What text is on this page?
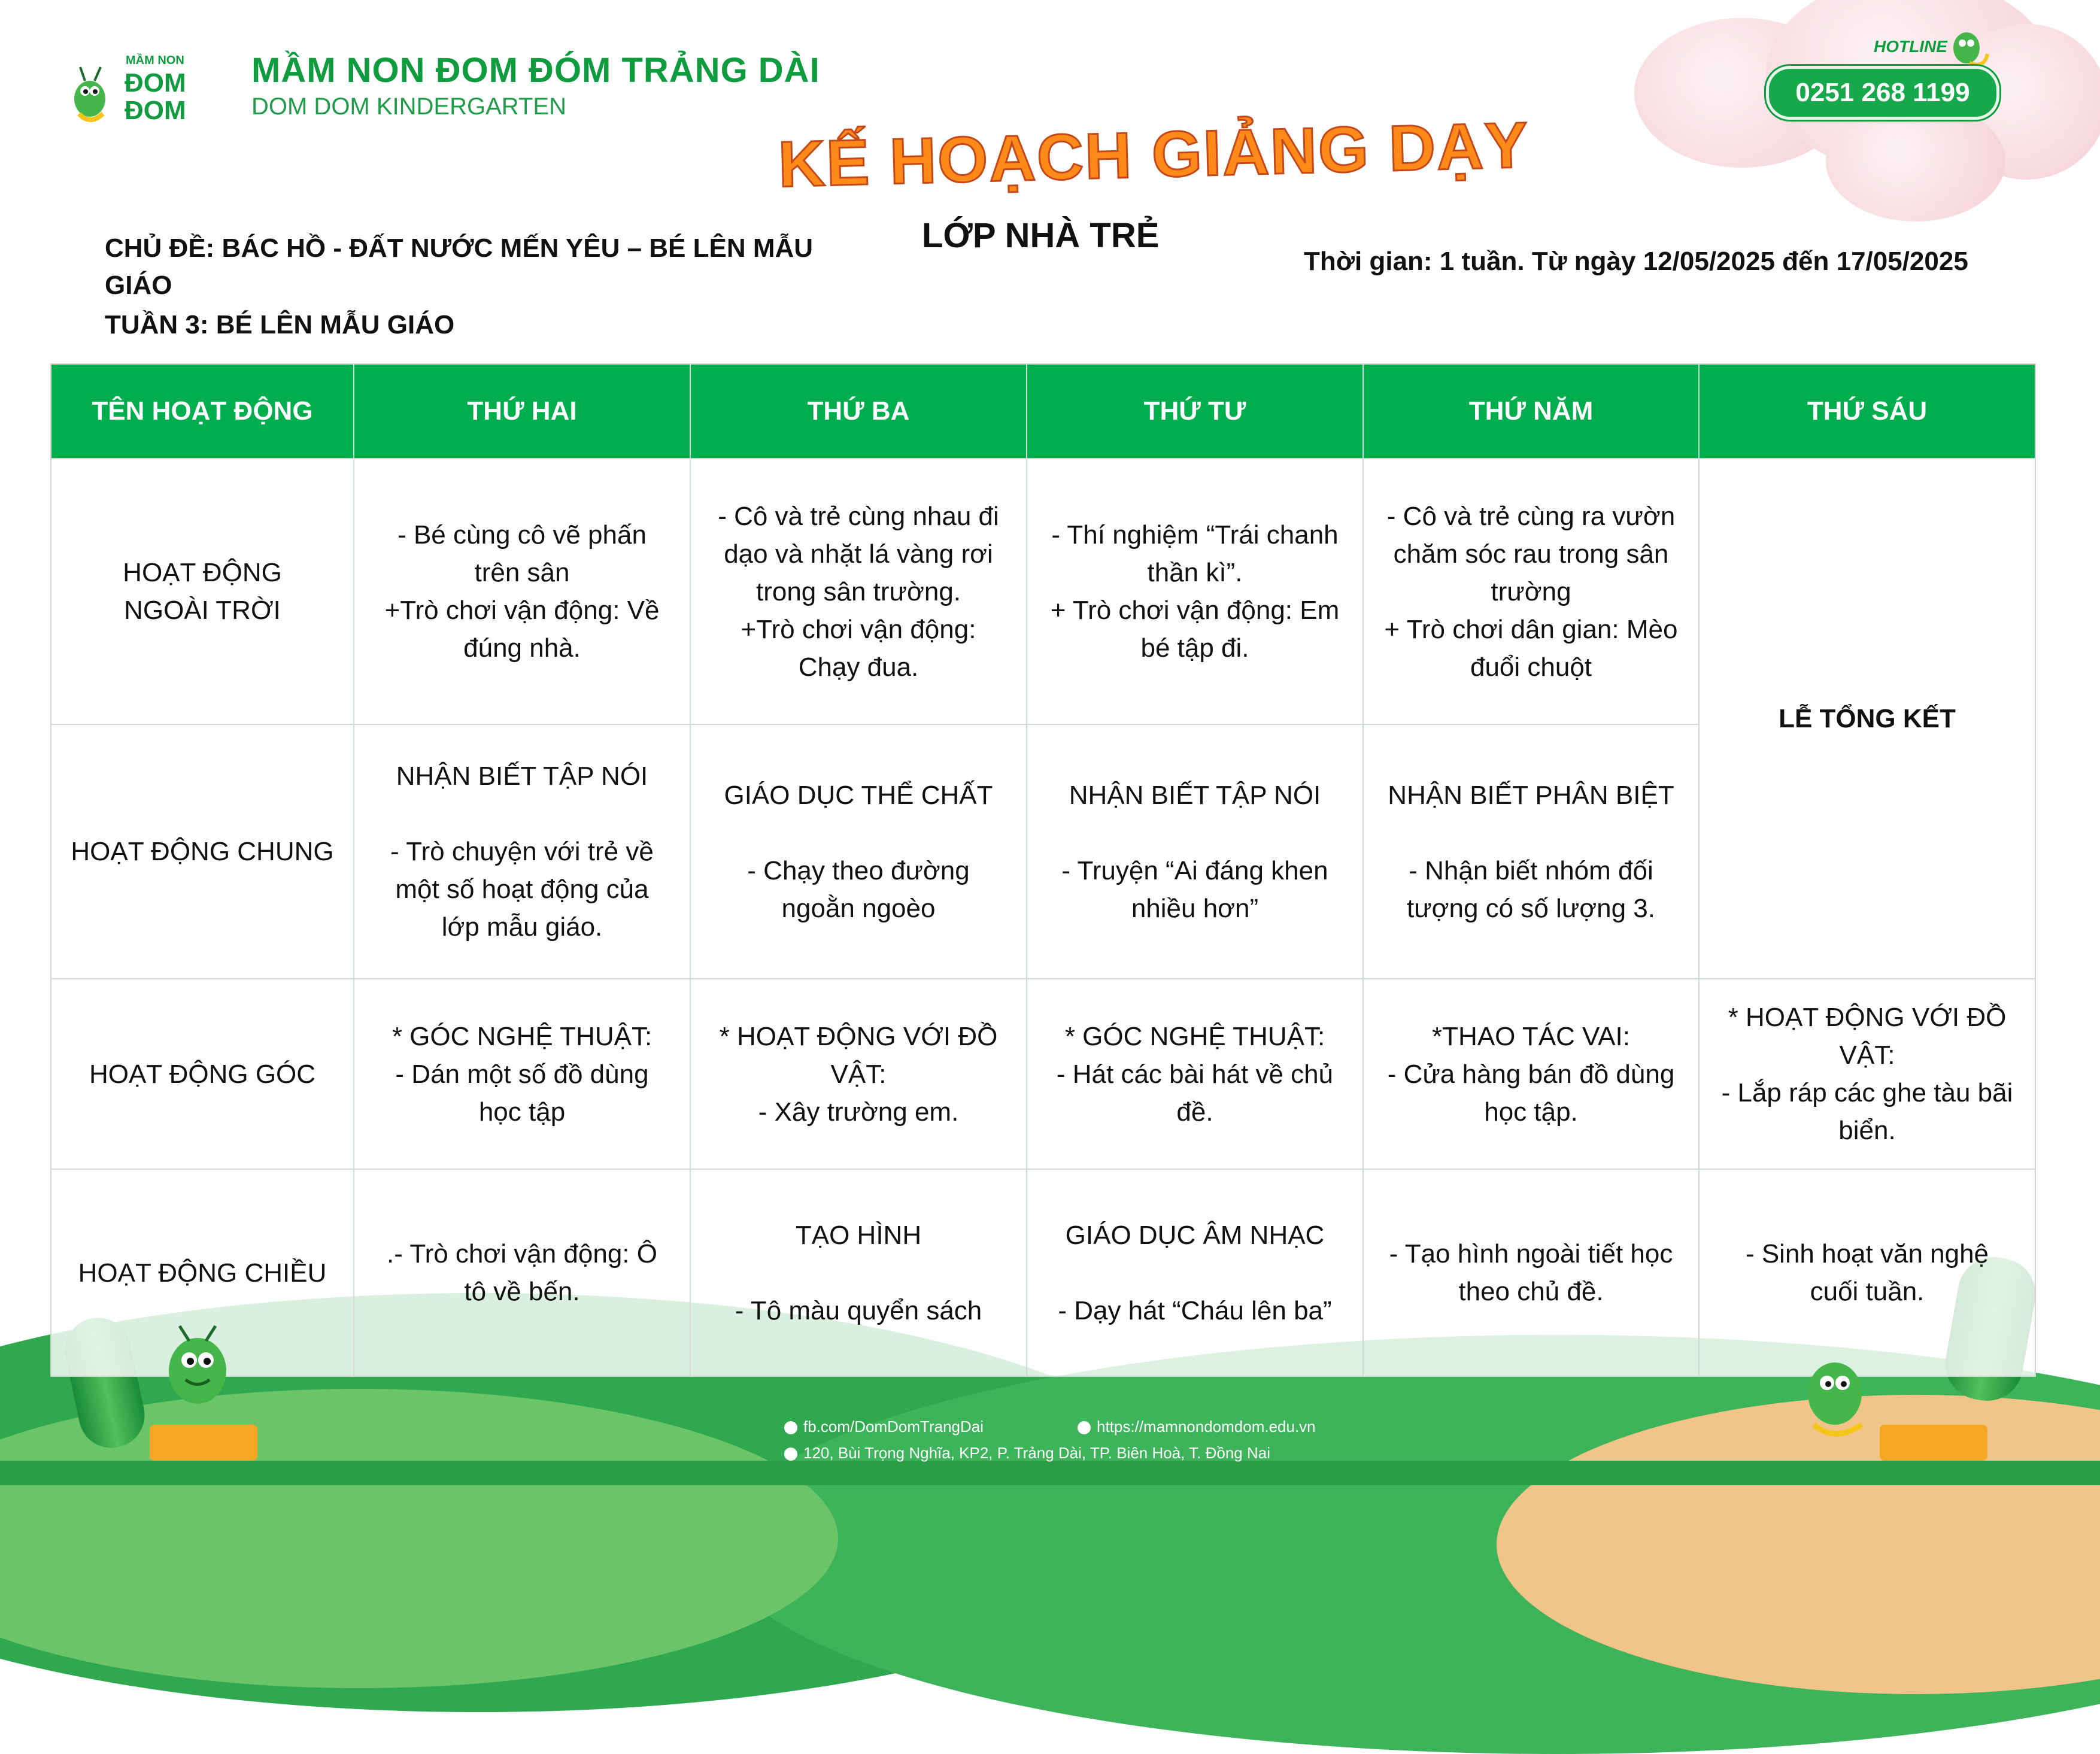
MẦM NON
ĐOM
ĐOM
MẦM NON ĐOM ĐÓM TRẢNG DÀI
DOM DOM KINDERGARTEN
HOTLINE
0251 268 1199
KẾ HOẠCH GIẢNG DẠY
CHỦ ĐỀ: BÁC HỒ - ĐẤT NƯỚC MẾN YÊU – BÉ LÊN MẪU
GIÁO
TUẦN 3: BÉ LÊN MẪU GIÁO
LỚP NHÀ TRẺ
Thời gian: 1 tuần. Từ ngày 12/05/2025 đến 17/05/2025
fb.com/DomDomTrangDai	https://mamnondomdom.edu.vn
120, Bùi Trọng Nghĩa, KP2, P. Trảng Dài, TP. Biên Hoà, T. Đồng Nai
TÊN HOẠT ĐỘNG	THỨ HAI	THỨ BA	THỨ TƯ	THỨ NĂM	THỨ SÁU
HOẠT ĐỘNG
NGOÀI TRỜI	- Bé cùng cô vẽ phấn
trên sân
+Trò chơi vận động: Về
đúng nhà.	- Cô và trẻ cùng nhau đi
dạo và nhặt lá vàng rơi
trong sân trường.
+Trò chơi vận động:
Chạy đua.	- Thí nghiệm “Trái chanh
thần kì”.
+ Trò chơi vận động: Em
bé tập đi.	- Cô và trẻ cùng ra vườn
chăm sóc rau trong sân
trường
+ Trò chơi dân gian: Mèo
đuổi chuột	LỄ TỔNG KẾT
HOẠT ĐỘNG CHUNG	NHẬN BIẾT TẬP NÓI

- Trò chuyện với trẻ về
một số hoạt động của
lớp mẫu giáo.	GIÁO DỤC THỂ CHẤT

- Chạy theo đường
ngoằn ngoèo	NHẬN BIẾT TẬP NÓI

- Truyện “Ai đáng khen
nhiều hơn”	NHẬN BIẾT PHÂN BIỆT

- Nhận biết nhóm đối
tượng có số lượng 3.	
HOẠT ĐỘNG GÓC	* GÓC NGHỆ THUẬT:
- Dán một số đồ dùng
học tập	* HOẠT ĐỘNG VỚI ĐỒ
VẬT:
- Xây trường em.	* GÓC NGHỆ THUẬT:
- Hát các bài hát về chủ
đề.	*THAO TÁC VAI:
- Cửa hàng bán đồ dùng
học tập.	* HOẠT ĐỘNG VỚI ĐỒ
VẬT:
- Lắp ráp các ghe tàu bãi
biển.
HOẠT ĐỘNG CHIỀU	.- Trò chơi vận động: Ô
tô về bến.	TẠO HÌNH

- Tô màu quyển sách	GIÁO DỤC ÂM NHẠC

- Dạy hát “Cháu lên ba”	- Tạo hình ngoài tiết học
theo chủ đề.	- Sinh hoạt văn nghệ
cuối tuần.
